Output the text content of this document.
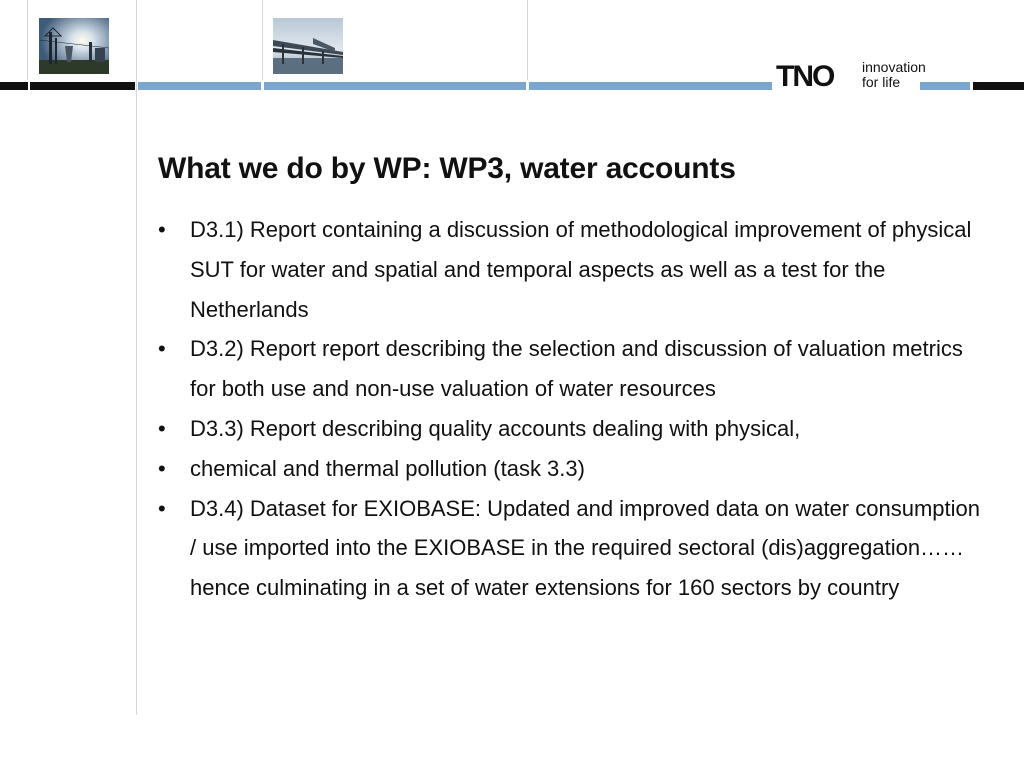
TNO innovation
for life
What we do by WP: WP3, water accounts
• D3.1) Report containing a discussion of methodological improvement of physical SUT for water and spatial and temporal aspects as well as a test for the Netherlands
• D3.2) Report report describing the selection and discussion of valuation metrics for both use and non-use valuation of water resources
• D3.3) Report describing quality accounts dealing with physical,
• chemical and thermal pollution (task 3.3)
• D3.4) Dataset for EXIOBASE: Updated and improved data on water consumption / use imported into the EXIOBASE in the required sectoral (dis)aggregation……hence culminating in a set of water extensions for 160 sectors by country
